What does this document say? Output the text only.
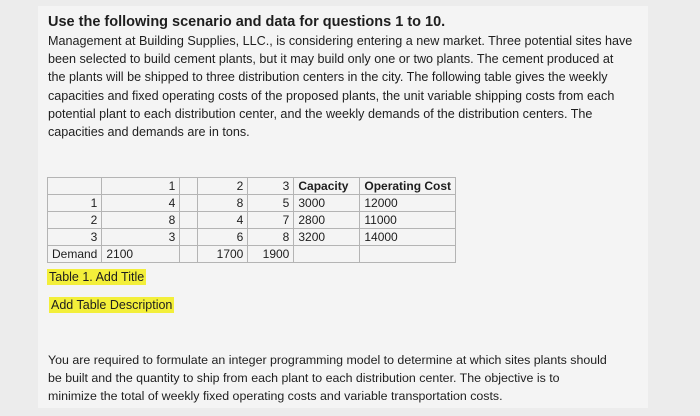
Use the following scenario and data for questions 1 to 10.

Management at Building Supplies, LLC., is considering entering a new market. Three potential sites have

been selected to build cement plants, but it may build only one or two plants. The cement produced at

the plants will be shipped to three distribution centers in the city. The following table gives the weekly

capacities and fixed operating costs of the proposed plants, the unit variable shipping costs from each

potential plant to each distribution center, and the weekly demands of the distribution centers. The

capacities and demands are in tons.

	1		2	3	Capacity	Operating Cost
1	4		8	5	3000	12000
2	8		4	7	2800	11000
3	3		6	8	3200	14000
Demand	2100		1700	1900		
Table 1. Add Title
Add Table Description

You are required to formulate an integer programming model to determine at which sites plants should

be built and the quantity to ship from each plant to each distribution center. The objective is to

minimize the total of weekly fixed operating costs and variable transportation costs.
